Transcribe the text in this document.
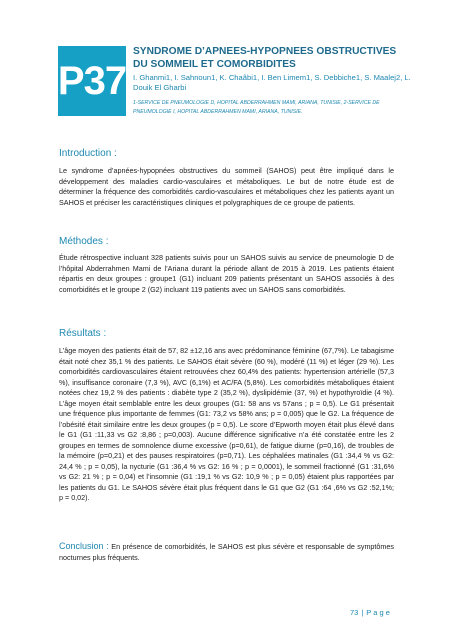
P37
SYNDROME D’APNEES-HYPOPNEES OBSTRUCTIVES DU SOMMEIL ET COMORBIDITES
I. Ghanmi1, I. Sahnoun1, K. Chaâbi1, I. Ben Limem1, S. Debbiche1, S. Maalej2, L. Douik El Gharbi
1-SERVICE DE PNEUMOLOGIE D, HOPITAL ABDERRAHMEN MAMI, ARIANA, TUNISIE, 2-SERVICE DE PNEUMOLOGIE I, HOPITAL ABDERRAHMEN MAMI, ARIANA, TUNISIE.
Introduction :
Le syndrome d’apnées-hypopnées obstructives du sommeil (SAHOS) peut être impliqué dans le développement des maladies cardio-vasculaires et métaboliques. Le but de notre étude est de déterminer la fréquence des comorbidités cardio-vasculaires et métaboliques chez les patients ayant un SAHOS et préciser les caractéristiques cliniques et polygraphiques de ce groupe de patients.
Méthodes :
Étude rétrospective incluant 328 patients suivis pour un SAHOS suivis au service de pneumologie D de l’hôpital Abderrahmen Mami de l’Ariana durant la période allant de 2015 à 2019. Les patients étaient répartis en deux groupes : groupe1 (G1) incluant 209 patients présentant un SAHOS associés à des comorbidités et le groupe 2 (G2) incluant 119 patients avec un SAHOS sans comorbidités.
Résultats :
L’âge moyen des patients était de 57, 82 ±12,16 ans avec prédominance féminine (67,7%). Le tabagisme était noté chez 35,1 % des patients. Le SAHOS était sévère (60 %), modéré (11 %) et léger (29 %). Les comorbidités cardiovasculaires étaient retrouvées chez 60,4% des patients: hypertension artérielle (57,3 %), insuffisance coronaire (7,3 %), AVC (6,1%) et AC/FA (5,8%). Les comorbidités métaboliques étaient notées chez 19,2 % des patients : diabète type 2 (35,2 %), dyslipidémie (37, %) et hypothyroïdie (4 %). L’âge moyen était semblable entre les deux groupes (G1: 58 ans vs 57ans ; p = 0,5). Le G1 présentait une fréquence plus importante de femmes (G1: 73,2 vs 58% ans; p = 0,005) que le G2. La fréquence de l’obésité était similaire entre les deux groupes (p = 0,5). Le score d’Epworth moyen était plus élevé dans le G1 (G1 :11,33 vs G2 :8,86 ; p=0,003). Aucune différence significative n’a été constatée entre les 2 groupes en termes de somnolence diurne excessive (p=0,61), de fatigue diurne (p=0,16), de troubles de la mémoire (p=0,21) et des pauses respiratoires (p=0,71). Les céphalées matinales (G1 :34,4 % vs G2: 24,4 % ; p = 0,05), la nycturie (G1 :36,4 % vs G2: 16 % ; p = 0,0001), le sommeil fractionné (G1 :31,6% vs G2: 21 % ; p = 0,04) et l’insomnie (G1 :19,1 % vs G2: 10,9 % ; p = 0,05) étaient plus rapportées par les patients du G1. Le SAHOS sévère était plus fréquent dans le G1 que G2 (G1 :64 ,6% vs G2 :52,1%; p = 0,02).
Conclusion : En présence de comorbidités, le SAHOS est plus sévère et responsable de symptômes nocturnes plus fréquents.
73 | P a g e
